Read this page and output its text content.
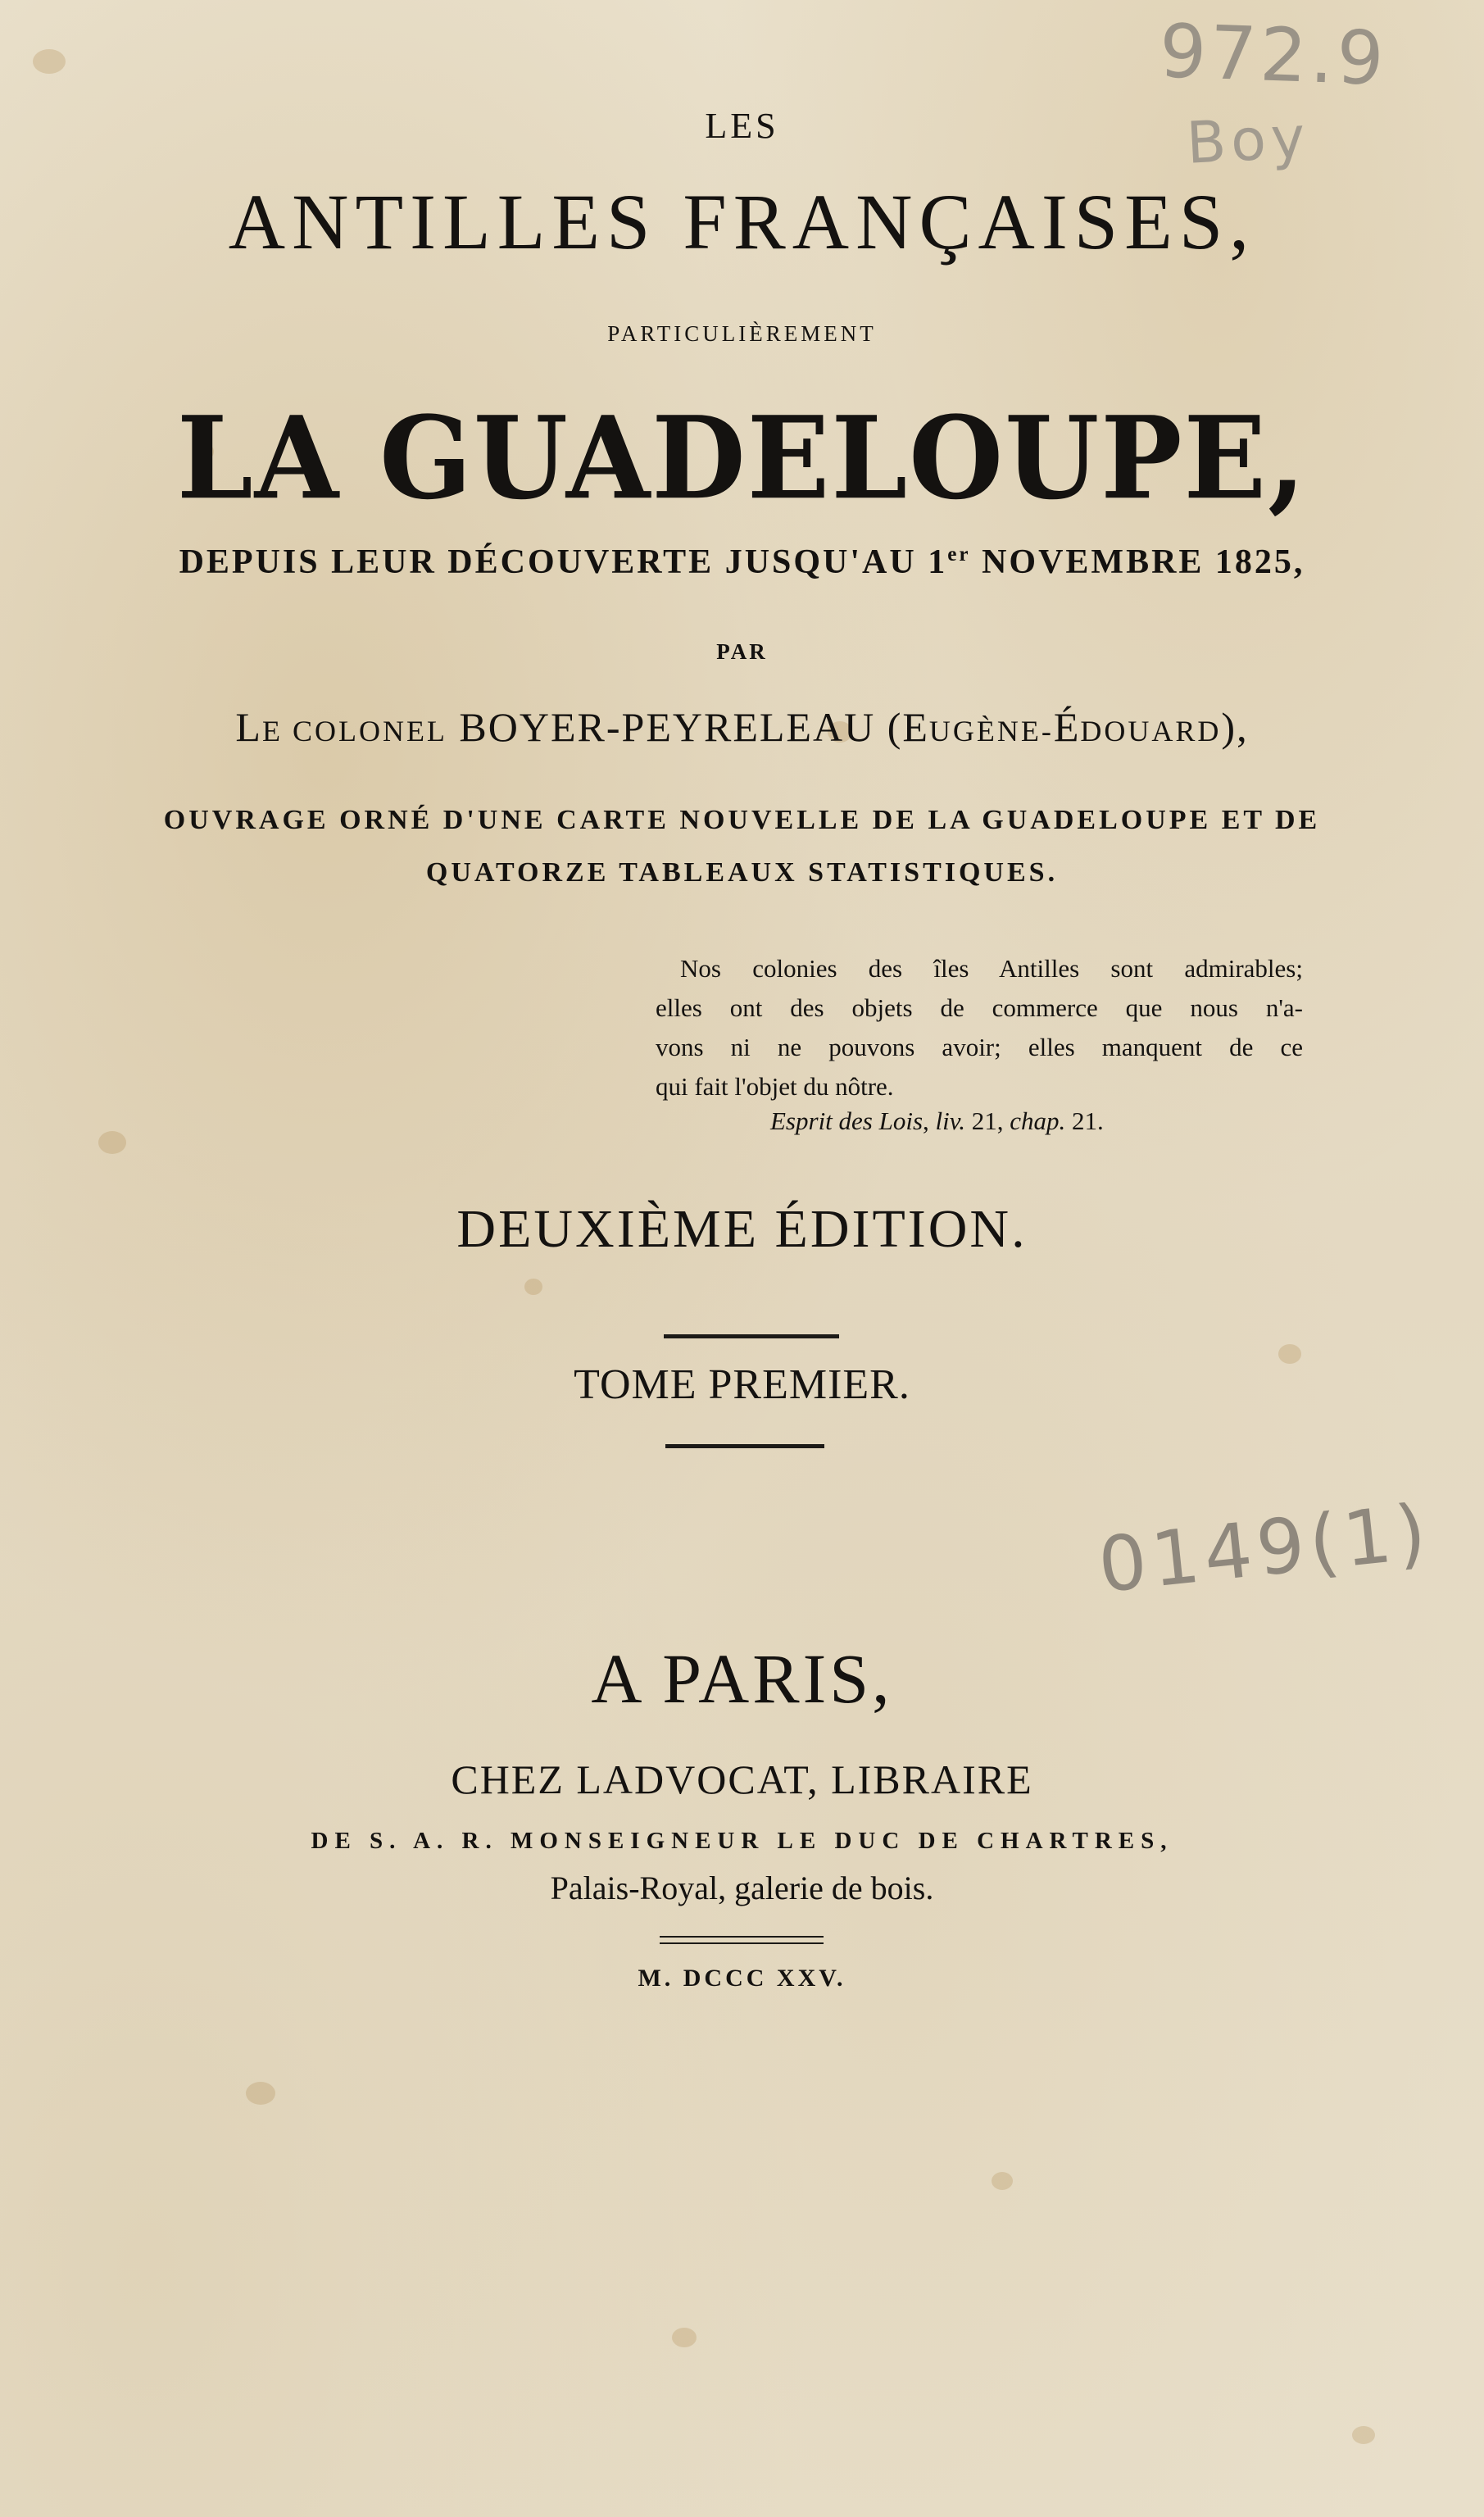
972.9
Boy
0149(1)
LES
ANTILLES FRANÇAISES,
PARTICULIÈREMENT
LA GUADELOUPE,
DEPUIS LEUR DÉCOUVERTE JUSQU'AU 1er NOVEMBRE 1825,
PAR
LE COLONEL BOYER-PEYRELEAU (EUGÈNE-ÉDOUARD),
OUVRAGE ORNÉ D'UNE CARTE NOUVELLE DE LA GUADELOUPE ET DE
QUATORZE TABLEAUX STATISTIQUES.
Nos colonies des îles Antilles sont admirables;
elles ont des objets de commerce que nous n'a-
vons ni ne pouvons avoir; elles manquent de ce
qui fait l'objet du nôtre.
Esprit des Lois, liv. 21, chap. 21.
DEUXIÈME ÉDITION.
TOME PREMIER.
A PARIS,
CHEZ LADVOCAT, LIBRAIRE
DE S. A. R. MONSEIGNEUR LE DUC DE CHARTRES,
Palais-Royal, galerie de bois.
M. DCCC XXV.
